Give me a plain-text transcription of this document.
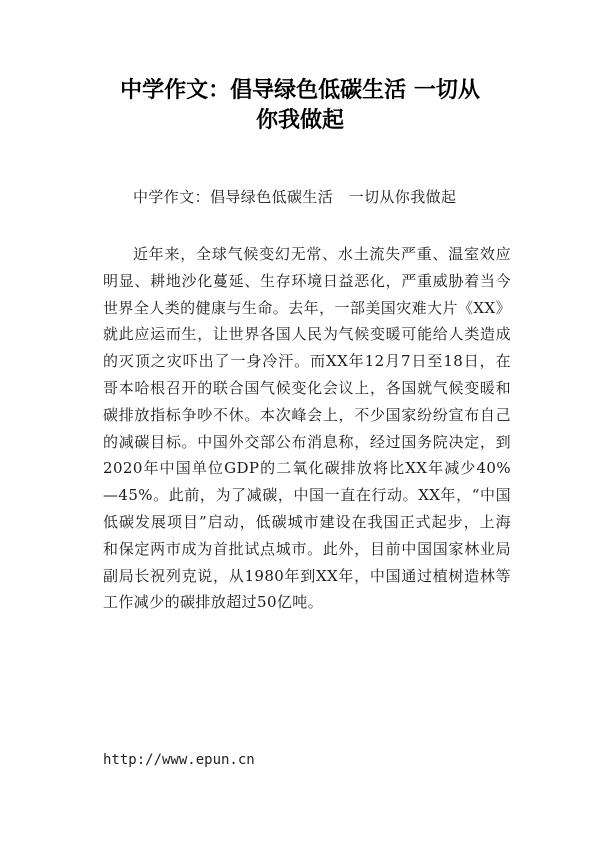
中学作文：倡导绿色低碳生活 一切从
你我做起

中学作文：倡导绿色低碳生活　一切从你我做起

近年来，全球气候变幻无常、水土流失严重、温室效应明显、耕地沙化蔓延、生存环境日益恶化，严重威胁着当今世界全人类的健康与生命。去年，一部美国灾难大片《XX》就此应运而生，让世界各国人民为气候变暖可能给人类造成的灭顶之灾吓出了一身冷汗。而XX年12月7日至18日，在哥本哈根召开的联合国气候变化会议上，各国就气候变暖和碳排放指标争吵不休。本次峰会上，不少国家纷纷宣布自己的减碳目标。中国外交部公布消息称，经过国务院决定，到2020年中国单位GDP的二氧化碳排放将比XX年减少40%—45%。此前，为了减碳，中国一直在行动。XX年，“中国低碳发展项目”启动，低碳城市建设在我国正式起步，上海和保定两市成为首批试点城市。此外，目前中国国家林业局副局长祝列克说，从1980年到XX年，中国通过植树造林等工作减少的碳排放超过50亿吨。

http://www.epun.cn
